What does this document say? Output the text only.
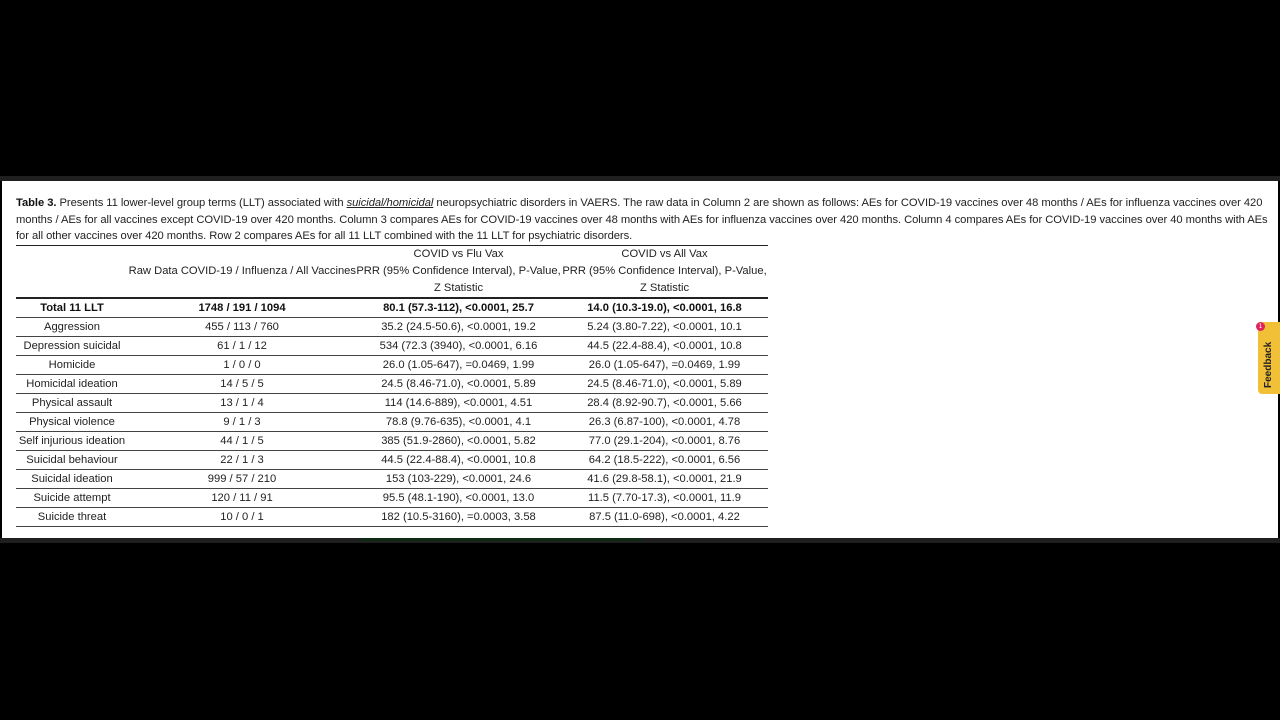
Table 3. Presents 11 lower-level group terms (LLT) associated with suicidal/homicidal neuropsychiatric disorders in VAERS. The raw data in Column 2 are shown as follows: AEs for COVID-19 vaccines over 48 months / AEs for influenza vaccines over 420 months / AEs for all vaccines except COVID-19 over 420 months. Column 3 compares AEs for COVID-19 vaccines over 48 months with AEs for influenza vaccines over 420 months. Column 4 compares AEs for COVID-19 vaccines over 40 months with AEs for all other vaccines over 420 months. Row 2 compares AEs for all 11 LLT combined with the 11 LLT for psychiatric disorders.

		COVID vs Flu Vax	COVID vs All Vax
	Raw Data COVID-19 / Influenza / All Vaccines	PRR (95% Confidence Interval), P-Value,	PRR (95% Confidence Interval), P-Value,
		Z Statistic	Z Statistic
Total 11 LLT	1748 / 191 / 1094	80.1 (57.3-112), <0.0001, 25.7	14.0 (10.3-19.0), <0.0001, 16.8
Aggression	455 / 113 / 760	35.2 (24.5-50.6), <0.0001, 19.2	5.24 (3.80-7.22), <0.0001, 10.1
Depression suicidal	61 / 1 / 12	534 (72.3 (3940), <0.0001, 6.16	44.5 (22.4-88.4), <0.0001, 10.8
Homicide	1 / 0 / 0	26.0 (1.05-647), =0.0469, 1.99	26.0 (1.05-647), =0.0469, 1.99
Homicidal ideation	14 / 5 / 5	24.5 (8.46-71.0), <0.0001, 5.89	24.5 (8.46-71.0), <0.0001, 5.89
Physical assault	13 / 1 / 4	114 (14.6-889), <0.0001, 4.51	28.4 (8.92-90.7), <0.0001, 5.66
Physical violence	9 / 1 / 3	78.8 (9.76-635), <0.0001, 4.1	26.3 (6.87-100), <0.0001, 4.78
Self injurious ideation	44 / 1 / 5	385 (51.9-2860), <0.0001, 5.82	77.0 (29.1-204), <0.0001, 8.76
Suicidal behaviour	22 / 1 / 3	44.5 (22.4-88.4), <0.0001, 10.8	64.2 (18.5-222), <0.0001, 6.56
Suicidal ideation	999 / 57 / 210	153 (103-229), <0.0001, 24.6	41.6 (29.8-58.1), <0.0001, 21.9
Suicide attempt	120 / 11 / 91	95.5 (48.1-190), <0.0001, 13.0	11.5 (7.70-17.3), <0.0001, 11.9
Suicide threat	10 / 0 / 1	182 (10.5-3160), =0.0003, 3.58	87.5 (11.0-698), <0.0001, 4.22
Feedback
1
